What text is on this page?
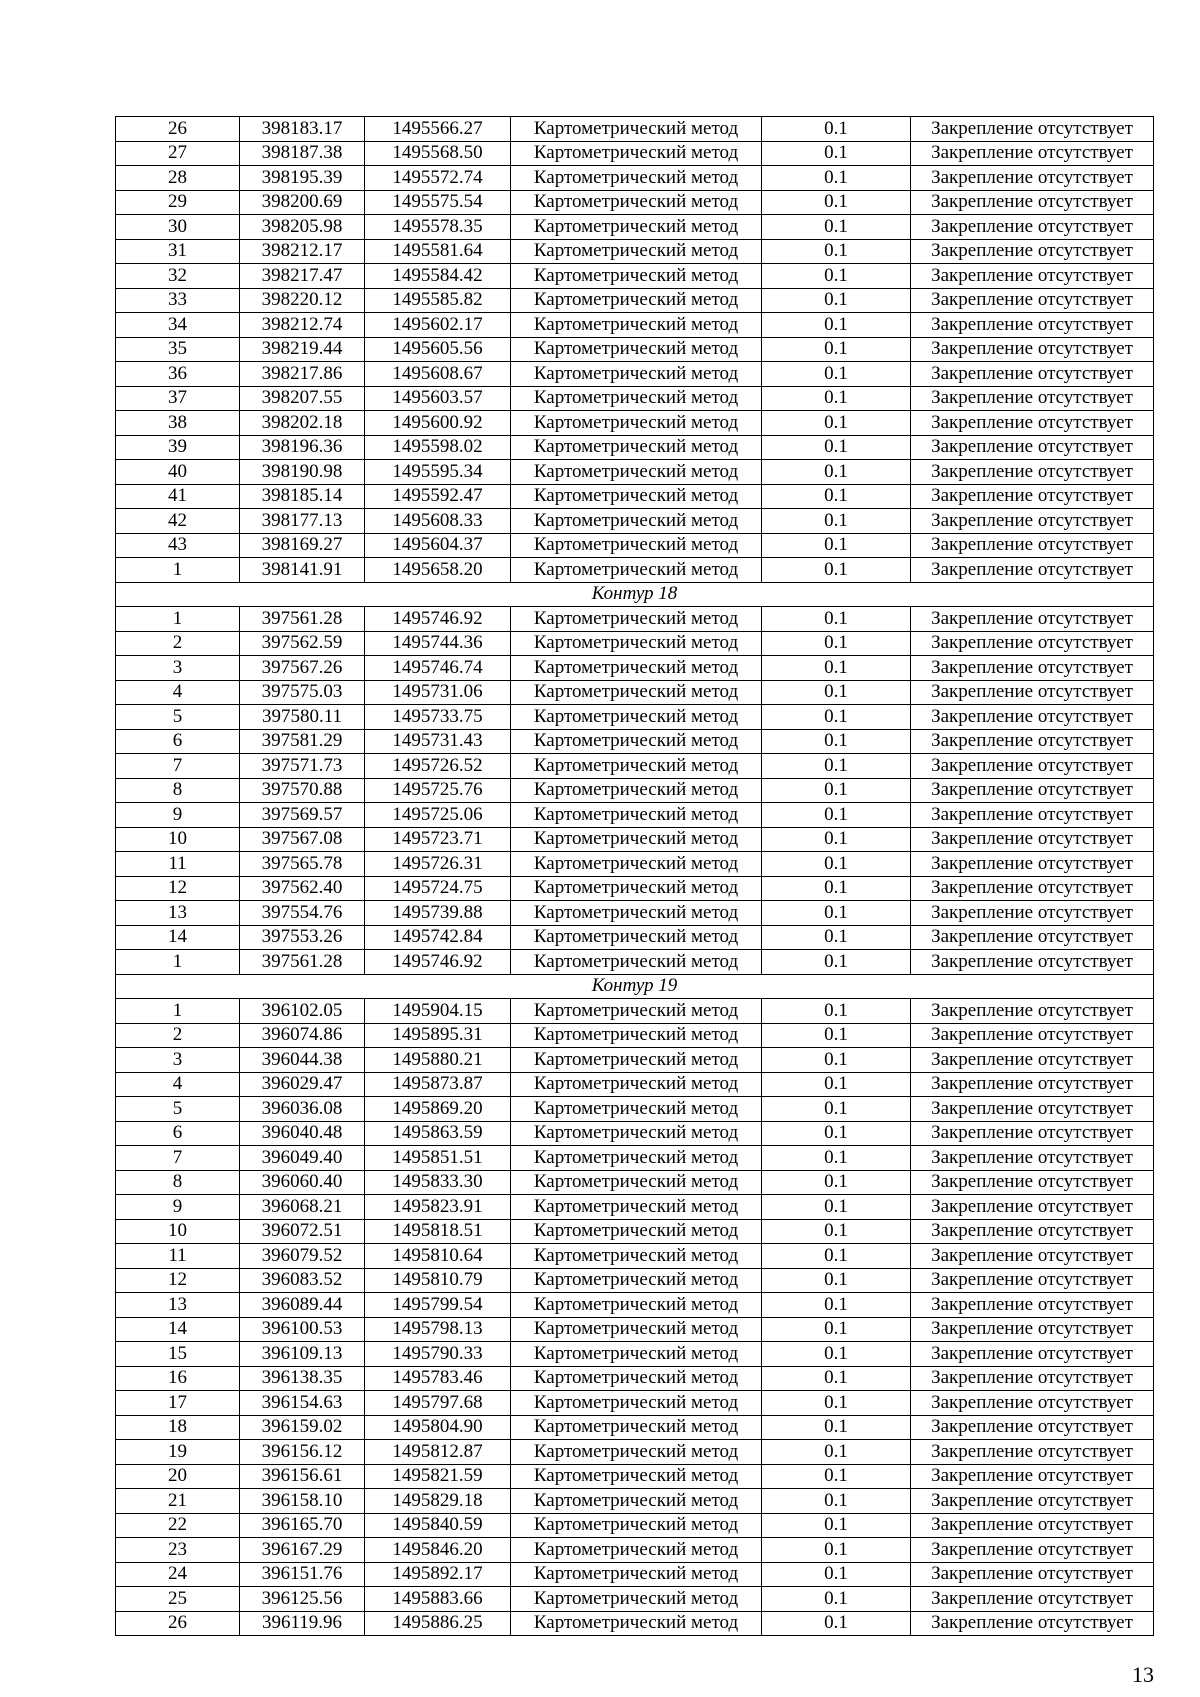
26	398183.17	1495566.27	Картометрический метод	0.1	Закрепление отсутствует
27	398187.38	1495568.50	Картометрический метод	0.1	Закрепление отсутствует
28	398195.39	1495572.74	Картометрический метод	0.1	Закрепление отсутствует
29	398200.69	1495575.54	Картометрический метод	0.1	Закрепление отсутствует
30	398205.98	1495578.35	Картометрический метод	0.1	Закрепление отсутствует
31	398212.17	1495581.64	Картометрический метод	0.1	Закрепление отсутствует
32	398217.47	1495584.42	Картометрический метод	0.1	Закрепление отсутствует
33	398220.12	1495585.82	Картометрический метод	0.1	Закрепление отсутствует
34	398212.74	1495602.17	Картометрический метод	0.1	Закрепление отсутствует
35	398219.44	1495605.56	Картометрический метод	0.1	Закрепление отсутствует
36	398217.86	1495608.67	Картометрический метод	0.1	Закрепление отсутствует
37	398207.55	1495603.57	Картометрический метод	0.1	Закрепление отсутствует
38	398202.18	1495600.92	Картометрический метод	0.1	Закрепление отсутствует
39	398196.36	1495598.02	Картометрический метод	0.1	Закрепление отсутствует
40	398190.98	1495595.34	Картометрический метод	0.1	Закрепление отсутствует
41	398185.14	1495592.47	Картометрический метод	0.1	Закрепление отсутствует
42	398177.13	1495608.33	Картометрический метод	0.1	Закрепление отсутствует
43	398169.27	1495604.37	Картометрический метод	0.1	Закрепление отсутствует
1	398141.91	1495658.20	Картометрический метод	0.1	Закрепление отсутствует
Контур 18					
1	397561.28	1495746.92	Картометрический метод	0.1	Закрепление отсутствует
2	397562.59	1495744.36	Картометрический метод	0.1	Закрепление отсутствует
3	397567.26	1495746.74	Картометрический метод	0.1	Закрепление отсутствует
4	397575.03	1495731.06	Картометрический метод	0.1	Закрепление отсутствует
5	397580.11	1495733.75	Картометрический метод	0.1	Закрепление отсутствует
6	397581.29	1495731.43	Картометрический метод	0.1	Закрепление отсутствует
7	397571.73	1495726.52	Картометрический метод	0.1	Закрепление отсутствует
8	397570.88	1495725.76	Картометрический метод	0.1	Закрепление отсутствует
9	397569.57	1495725.06	Картометрический метод	0.1	Закрепление отсутствует
10	397567.08	1495723.71	Картометрический метод	0.1	Закрепление отсутствует
11	397565.78	1495726.31	Картометрический метод	0.1	Закрепление отсутствует
12	397562.40	1495724.75	Картометрический метод	0.1	Закрепление отсутствует
13	397554.76	1495739.88	Картометрический метод	0.1	Закрепление отсутствует
14	397553.26	1495742.84	Картометрический метод	0.1	Закрепление отсутствует
1	397561.28	1495746.92	Картометрический метод	0.1	Закрепление отсутствует
Контур 19					
1	396102.05	1495904.15	Картометрический метод	0.1	Закрепление отсутствует
2	396074.86	1495895.31	Картометрический метод	0.1	Закрепление отсутствует
3	396044.38	1495880.21	Картометрический метод	0.1	Закрепление отсутствует
4	396029.47	1495873.87	Картометрический метод	0.1	Закрепление отсутствует
5	396036.08	1495869.20	Картометрический метод	0.1	Закрепление отсутствует
6	396040.48	1495863.59	Картометрический метод	0.1	Закрепление отсутствует
7	396049.40	1495851.51	Картометрический метод	0.1	Закрепление отсутствует
8	396060.40	1495833.30	Картометрический метод	0.1	Закрепление отсутствует
9	396068.21	1495823.91	Картометрический метод	0.1	Закрепление отсутствует
10	396072.51	1495818.51	Картометрический метод	0.1	Закрепление отсутствует
11	396079.52	1495810.64	Картометрический метод	0.1	Закрепление отсутствует
12	396083.52	1495810.79	Картометрический метод	0.1	Закрепление отсутствует
13	396089.44	1495799.54	Картометрический метод	0.1	Закрепление отсутствует
14	396100.53	1495798.13	Картометрический метод	0.1	Закрепление отсутствует
15	396109.13	1495790.33	Картометрический метод	0.1	Закрепление отсутствует
16	396138.35	1495783.46	Картометрический метод	0.1	Закрепление отсутствует
17	396154.63	1495797.68	Картометрический метод	0.1	Закрепление отсутствует
18	396159.02	1495804.90	Картометрический метод	0.1	Закрепление отсутствует
19	396156.12	1495812.87	Картометрический метод	0.1	Закрепление отсутствует
20	396156.61	1495821.59	Картометрический метод	0.1	Закрепление отсутствует
21	396158.10	1495829.18	Картометрический метод	0.1	Закрепление отсутствует
22	396165.70	1495840.59	Картометрический метод	0.1	Закрепление отсутствует
23	396167.29	1495846.20	Картометрический метод	0.1	Закрепление отсутствует
24	396151.76	1495892.17	Картометрический метод	0.1	Закрепление отсутствует
25	396125.56	1495883.66	Картометрический метод	0.1	Закрепление отсутствует
26	396119.96	1495886.25	Картометрический метод	0.1	Закрепление отсутствует
13
